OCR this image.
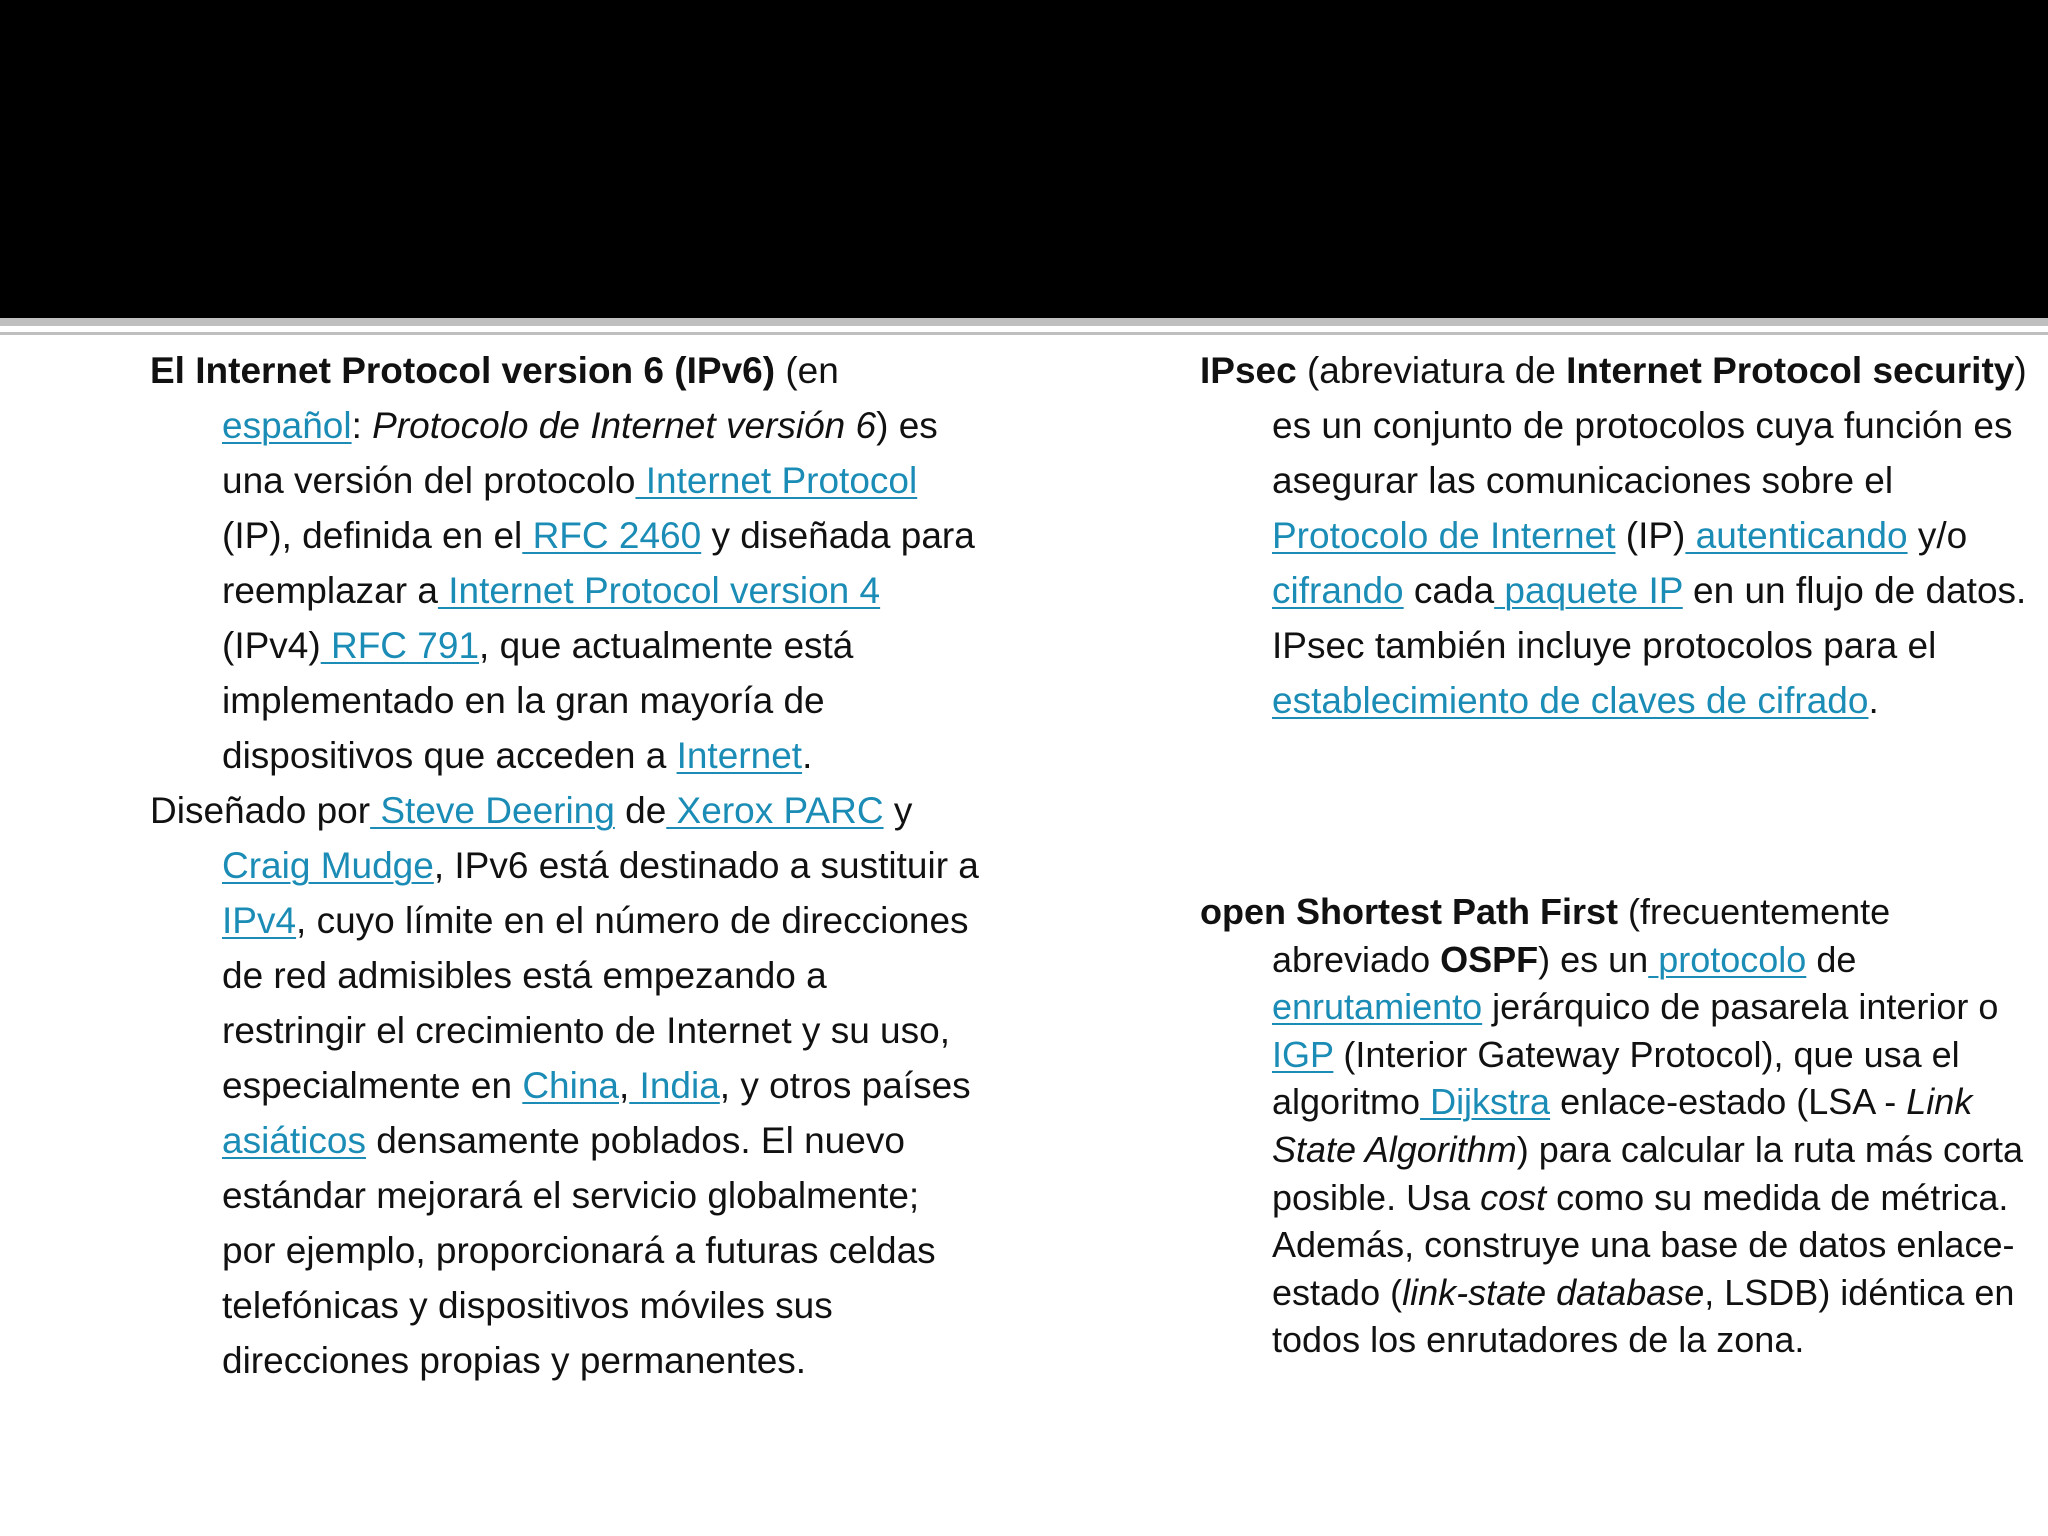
El Internet Protocol version 6 (IPv6) (en español: Protocolo de Internet versión 6) es una versión del protocolo Internet Protocol (IP), definida en el RFC 2460 y diseñada para reemplazar a Internet Protocol version 4 (IPv4) RFC 791, que actualmente está implementado en la gran mayoría de dispositivos que acceden a Internet.

Diseñado por Steve Deering de Xerox PARC y Craig Mudge, IPv6 está destinado a sustituir a IPv4, cuyo límite en el número de direcciones de red admisibles está empezando a restringir el crecimiento de Internet y su uso, especialmente en China, India, y otros países asiáticos densamente poblados. El nuevo estándar mejorará el servicio globalmente; por ejemplo, proporcionará a futuras celdas telefónicas y dispositivos móviles sus direcciones propias y permanentes.

IPsec (abreviatura de Internet Protocol security) es un conjunto de protocolos cuya función es asegurar las comunicaciones sobre el Protocolo de Internet (IP) autenticando y/o cifrando cada paquete IP en un flujo de datos. IPsec también incluye protocolos para el establecimiento de claves de cifrado.

open Shortest Path First (frecuentemente abreviado OSPF) es un protocolo de enrutamiento jerárquico de pasarela interior o IGP (Interior Gateway Protocol), que usa el algoritmo Dijkstra enlace-estado (LSA - Link State Algorithm) para calcular la ruta más corta posible. Usa cost como su medida de métrica. Además, construye una base de datos enlace-estado (link-state database, LSDB) idéntica en todos los enrutadores de la zona.
